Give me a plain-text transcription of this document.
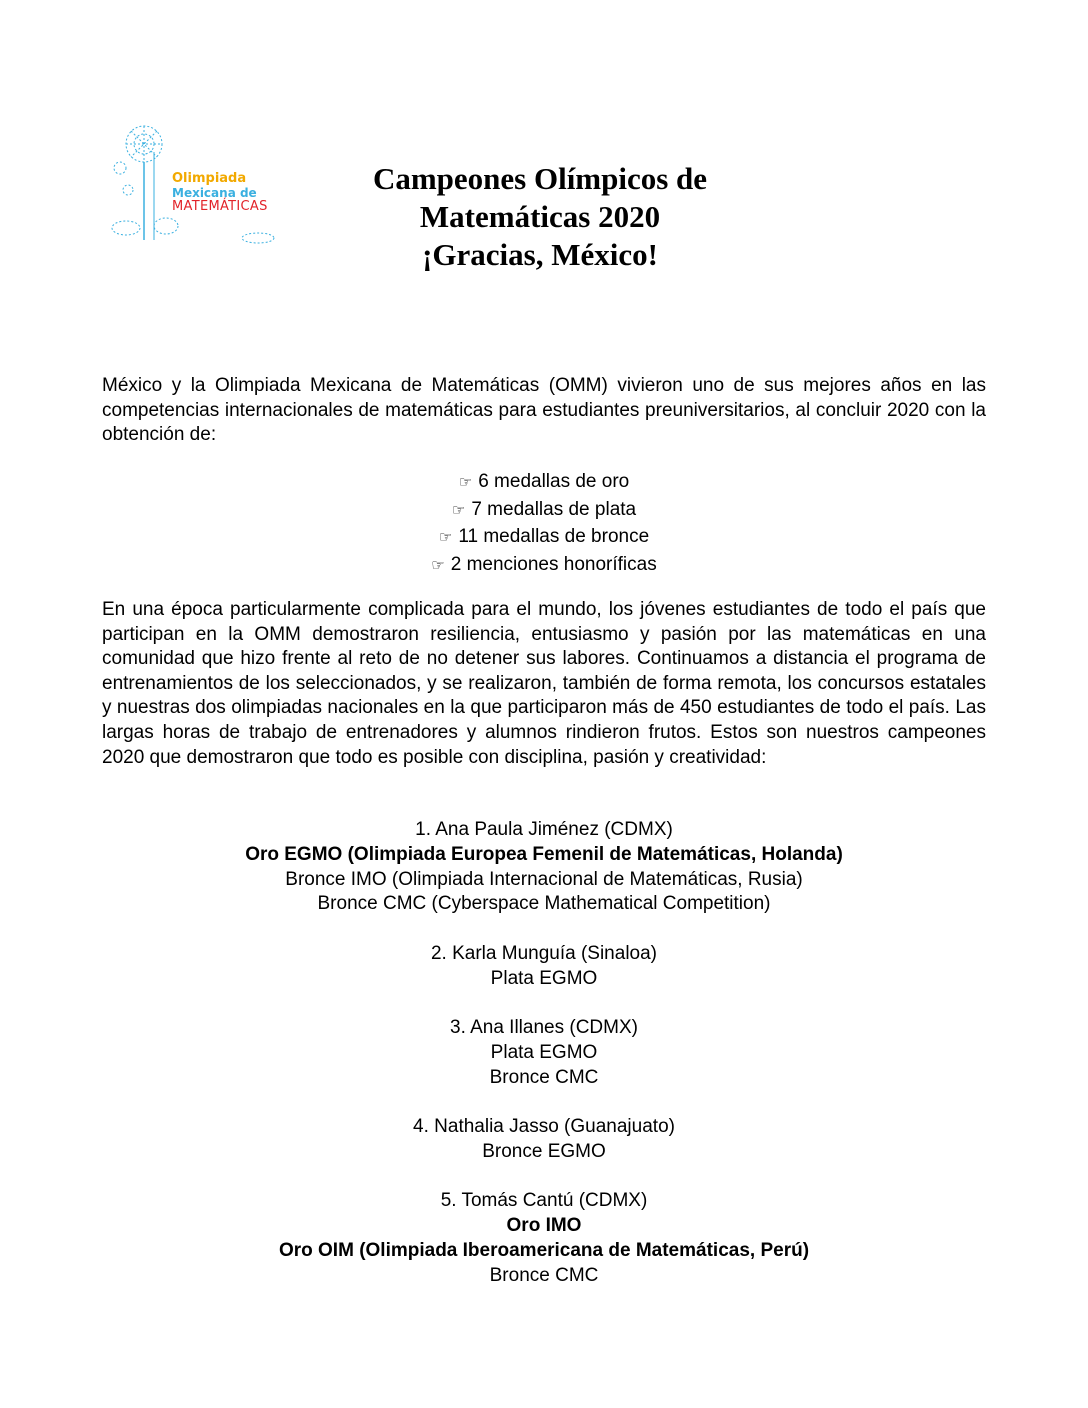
Olimpiada
Mexicana de
MATEMÁTICAS
Campeones Olímpicos de Matemáticas 2020
¡Gracias, México!

México y la Olimpiada Mexicana de Matemáticas (OMM) vivieron uno de sus mejores años en las competencias internacionales de matemáticas para estudiantes preuniversitarios, al concluir 2020 con la obtención de:

☞ 6 medallas de oro
☞ 7 medallas de plata
☞ 11 medallas de bronce
☞ 2 menciones honoríficas

En una época particularmente complicada para el mundo, los jóvenes estudiantes de todo el país que participan en la OMM demostraron resiliencia, entusiasmo y pasión por las matemáticas en una comunidad que hizo frente al reto de no detener sus labores. Continuamos a distancia el programa de entrenamientos de los seleccionados, y se realizaron, también de forma remota, los concursos estatales y nuestras dos olimpiadas nacionales en la que participaron más de 450 estudiantes de todo el país. Las largas horas de trabajo de entrenadores y alumnos rindieron frutos. Estos son nuestros campeones 2020 que demostraron que todo es posible con disciplina, pasión y creatividad:

1. Ana Paula Jiménez (CDMX)
Oro EGMO (Olimpiada Europea Femenil de Matemáticas, Holanda)
Bronce IMO (Olimpiada Internacional de Matemáticas, Rusia)
Bronce CMC (Cyberspace Mathematical Competition)
2. Karla Munguía (Sinaloa)
Plata EGMO
3. Ana Illanes (CDMX)
Plata EGMO
Bronce CMC
4. Nathalia Jasso (Guanajuato)
Bronce EGMO
5. Tomás Cantú (CDMX)
Oro IMO
Oro OIM (Olimpiada Iberoamericana de Matemáticas, Perú)
Bronce CMC
